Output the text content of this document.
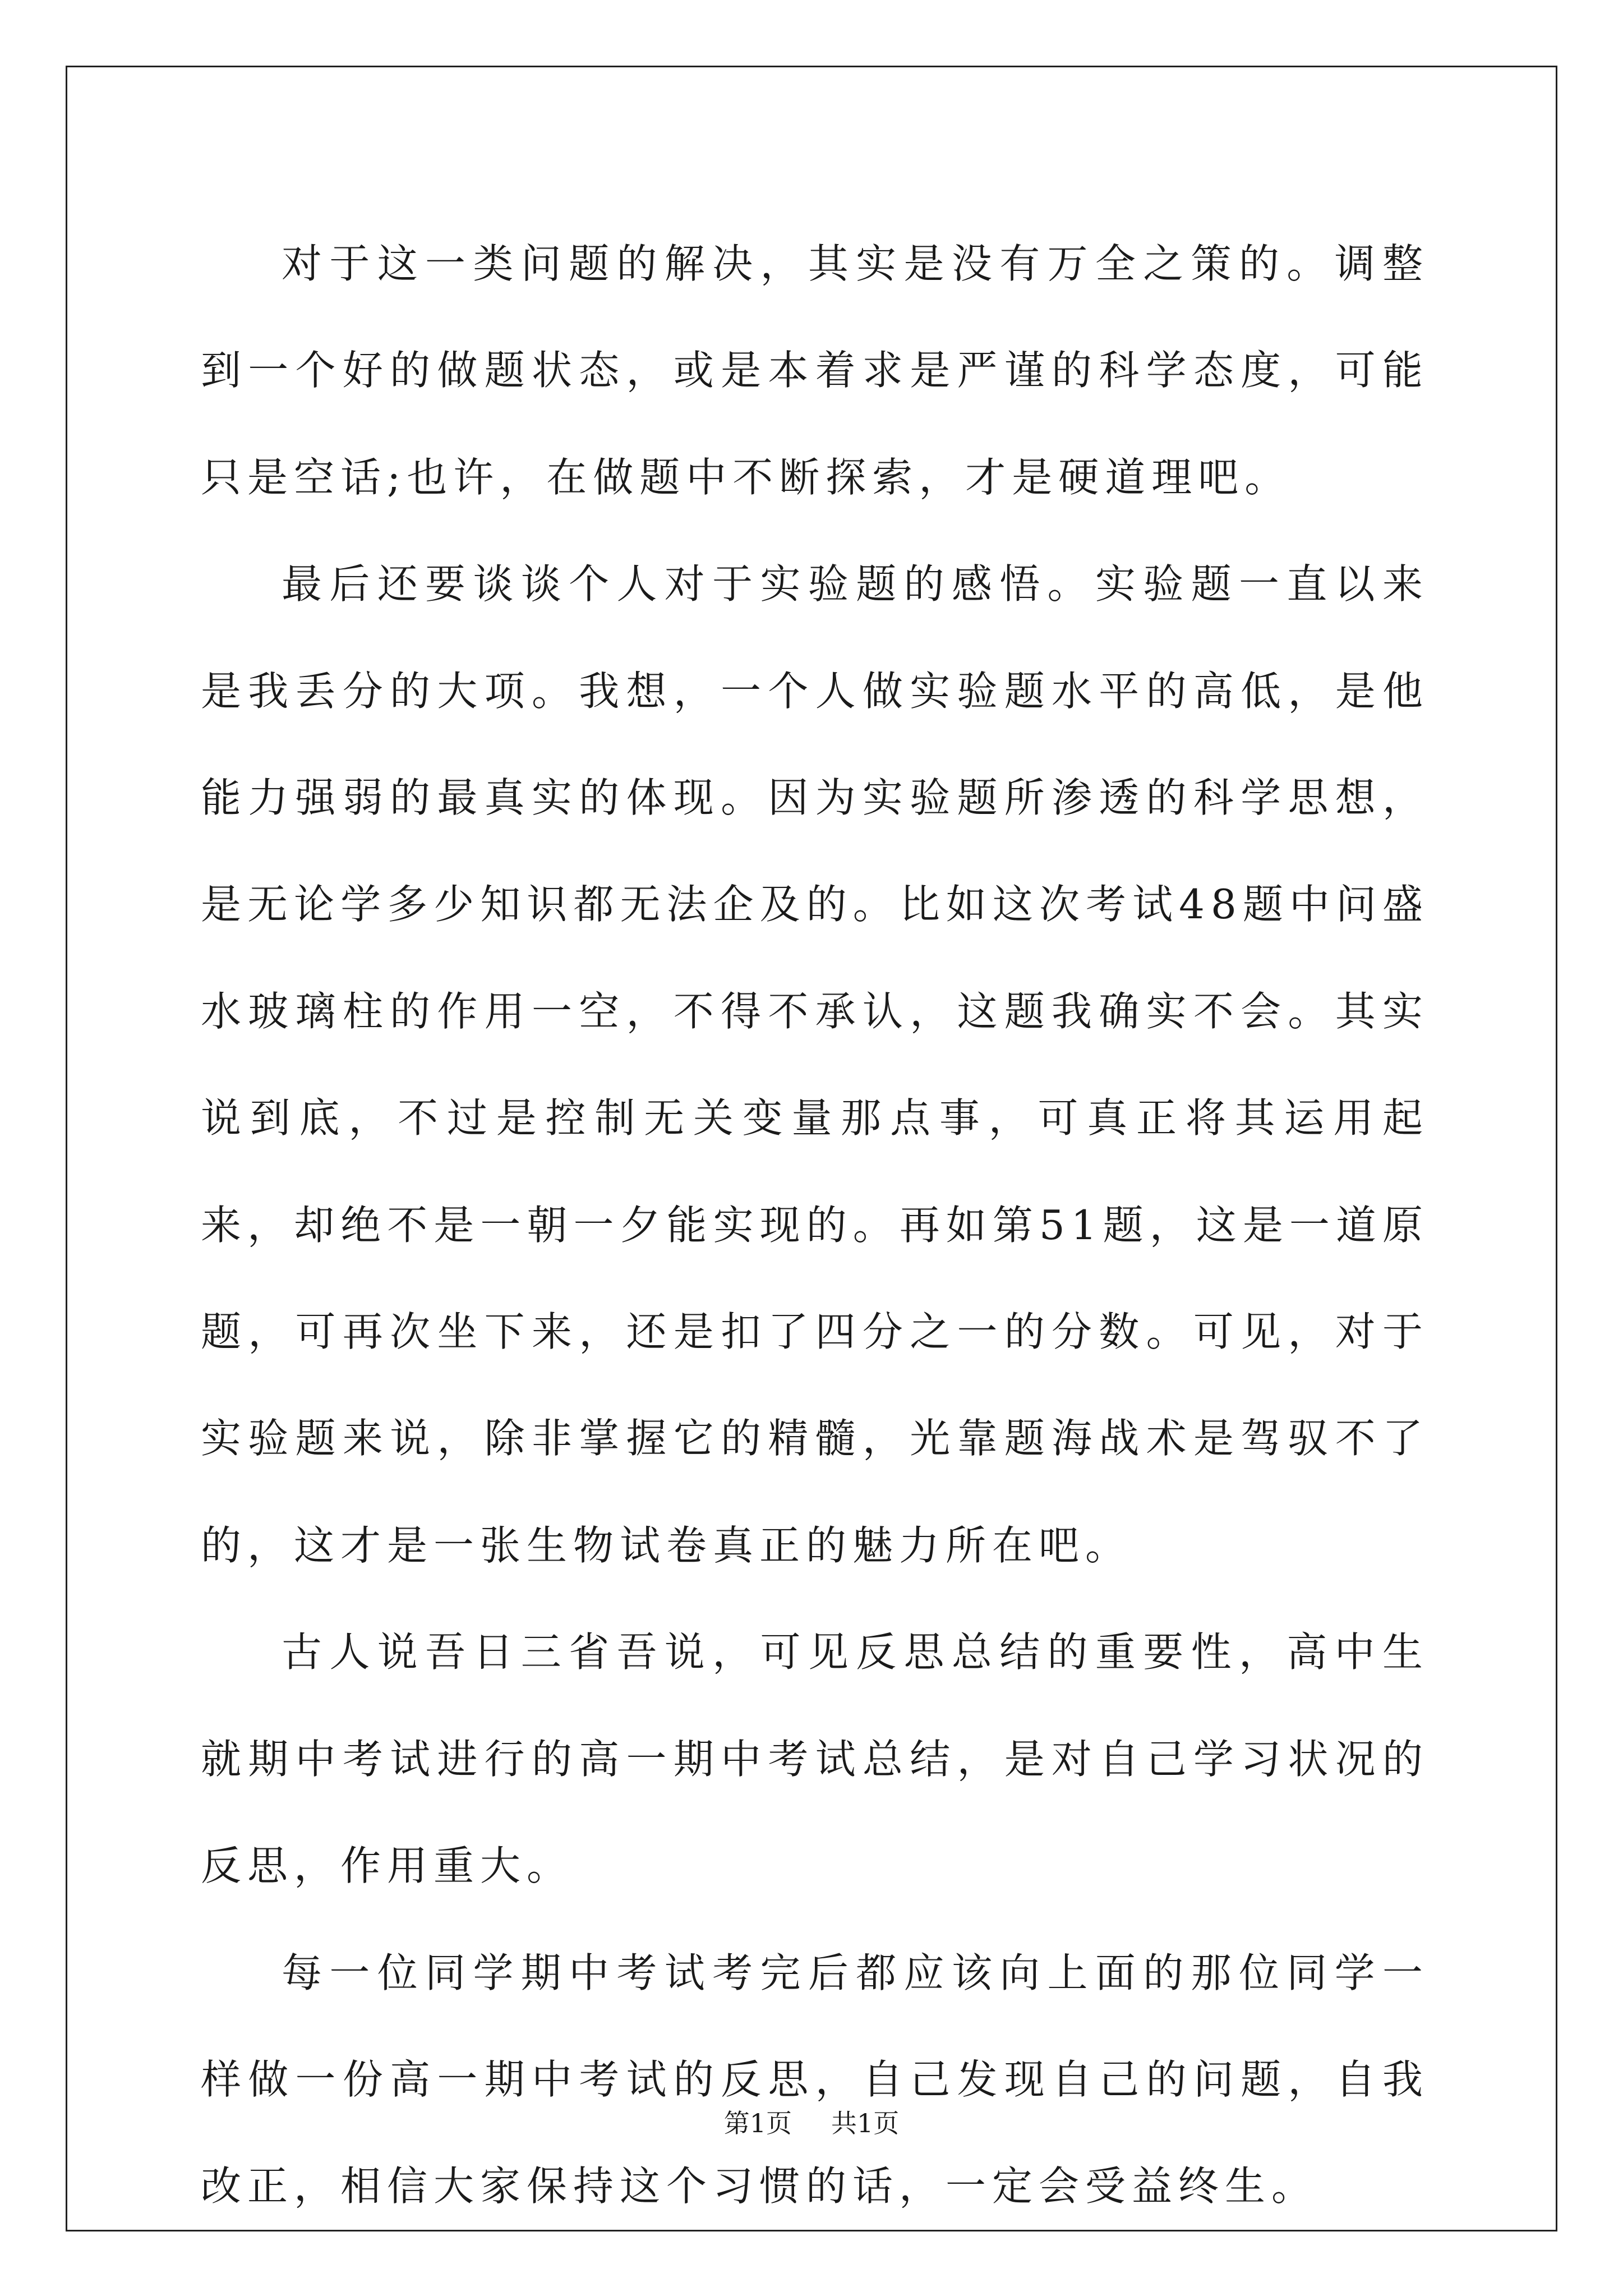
对于这一类问题的解决，其实是没有万全之策的。调整到一个好的做题状态，或是本着求是严谨的科学态度，可能只是空话;也许，在做题中不断探索，才是硬道理吧。

最后还要谈谈个人对于实验题的感悟。实验题一直以来是我丢分的大项。我想，一个人做实验题水平的高低，是他能力强弱的最真实的体现。因为实验题所渗透的科学思想，是无论学多少知识都无法企及的。比如这次考试48题中问盛水玻璃柱的作用一空，不得不承认，这题我确实不会。其实说到底，不过是控制无关变量那点事，可真正将其运用起来，却绝不是一朝一夕能实现的。再如第51题，这是一道原题，可再次坐下来，还是扣了四分之一的分数。可见，对于实验题来说，除非掌握它的精髓，光靠题海战术是驾驭不了的，这才是一张生物试卷真正的魅力所在吧。

古人说吾日三省吾说，可见反思总结的重要性，高中生就期中考试进行的高一期中考试总结，是对自己学习状况的反思，作用重大。

每一位同学期中考试考完后都应该向上面的那位同学一样做一份高一期中考试的反思，自己发现自己的问题，自我改正，相信大家保持这个习惯的话，一定会受益终生。

第1页 共1页
